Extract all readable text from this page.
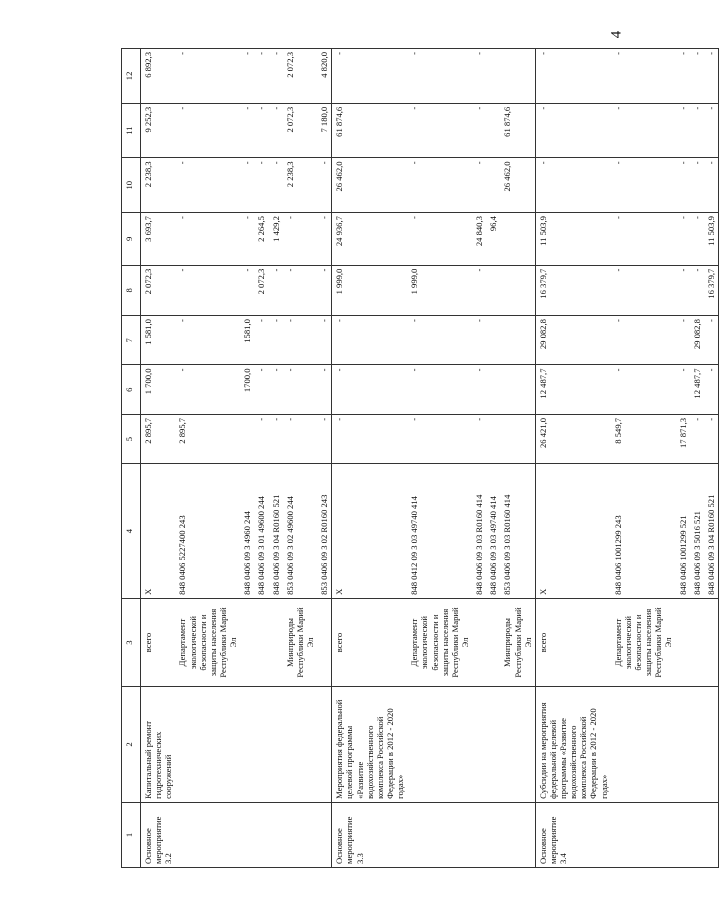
4
1	2	3	4	5	6	7	8	9	10	11	12
Основное мероприятие 3.2	Капитальный ремонт гидротехнических сооружений	всего	Х	2 895,7	1 700,0	1 581,0	2 072,3	3 693,7	2 238,3	9 252,3	6 892,3
		Департамент экологической безопасности и защиты населения Республики Марий Эл	848 0406 5227400 243	2 895,7	-	-	-	-	-	-	-
			848 0406 09 3 4960 244		1700,0	1581,0	-	-	-	-	-
			848 0406 09 3 01 49600 244	-	-	-	2 072,3	2 264,5	-	-	-
			848 0406 09 3 04 R0160 521	-	-	-	-	1 429,2	-	-	-
		Минприроды Республики Марий Эл	853 0406 09 3 02 49600 244	-	-	-	-	-	2 238,3	2 072,3	2 072,3
			853 0406 09 3 02 R0160 243	-	-	-	-	-	-	7 180,0	4 820,0
Основное мероприятие 3.3	Мероприятия федеральной целевой программы «Развитие водохозяйственного комплекса Российской Федерации в 2012 - 2020 годах»	всего	Х	-	-	-	1 999,0	24 936,7	26 462,0	61 874,6	-
		Департамент экологической безопасности и защиты населения Республики Марий Эл	848 0412 09 3 03 49740 414	-	-	-	1 999,0	-	-	-	-
			848 0406 09 3 03 R0160 414	-	-	-	-	24 840,3	-	-	-
			848 0406 09 3 03 49740 414					96,4			
		Минприроды Республики Марий Эл	853 0406 09 3 03 R0160 414						26 462,0	61 874,6	
Основное мероприятие 3.4	Субсидии на мероприятия федеральной целевой программы «Развитие водохозяйственного комплекса Российской Федерации в 2012 - 2020 годах»	всего	Х	26 421,0	12 487,7	29 082,8	16 379,7	11 503,9	-	-	-
		Департамент экологической безопасности и защиты населения Республики Марий Эл	848 0406 1001299 243	8 549,7	-	-	-	-	-	-	-
			848 0406 1001299 521	17 871,3	-	-	-	-	-	-	-
			848 0406 09 3 5016 521	-	12 487,7	29 082,8	-	-	-	-	-
			848 0406 09 3 04 R0160 521	-	-	-	16 379,7	11 503,9	-	-	-
